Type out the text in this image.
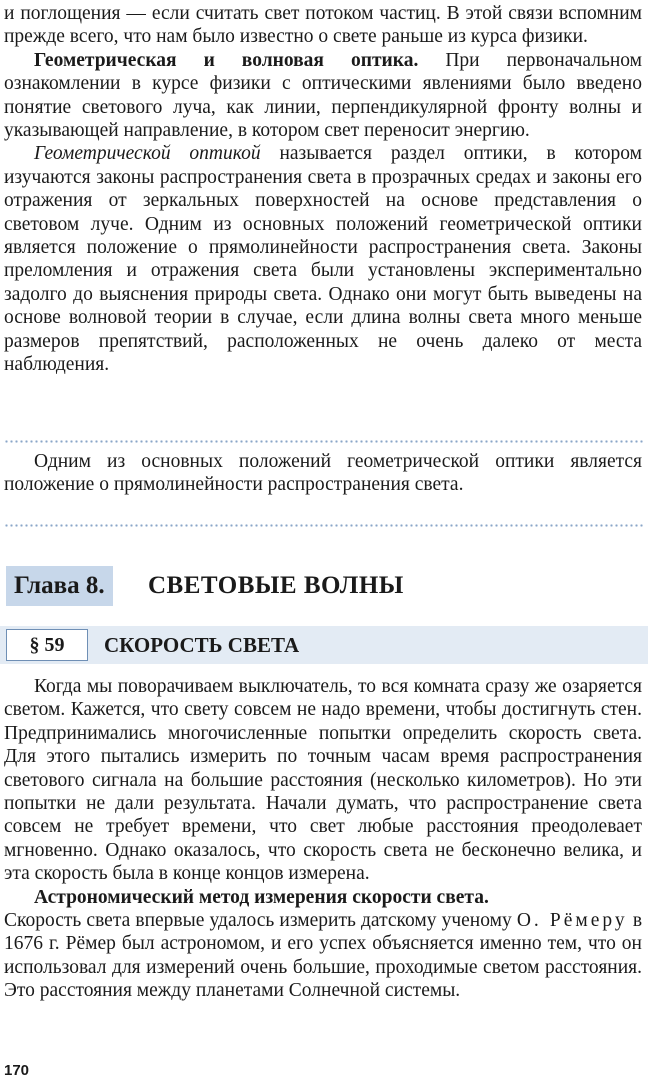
и поглощения — если считать свет потоком частиц. В этой связи вспомним прежде всего, что нам было известно о свете раньше из курса физики.

Геометрическая и волновая оптика. При первоначальном ознакомлении в курсе физики с оптическими явлениями было введено понятие светового луча, как линии, перпендикулярной фронту волны и указывающей направление, в котором свет переносит энергию.

Геометрической оптикой называется раздел оптики, в котором изучаются законы распространения света в прозрачных средах и законы его отражения от зеркальных поверхностей на основе представления о световом луче. Одним из основных положений геометрической оптики является положение о прямолинейности распространения света. Законы преломления и отражения света были установлены экспериментально задолго до выяснения природы света. Однако они могут быть выведены на основе волновой теории в случае, если длина волны света много меньше размеров препятствий, расположенных не очень далеко от места наблюдения.

Одним из основных положений геометрической оптики является положение о прямолинейности распространения света.

Глава 8.	СВЕТОВЫЕ ВОЛНЫ
§ 59	СКОРОСТЬ СВЕТА

Когда мы поворачиваем выключатель, то вся комната сразу же озаряется светом. Кажется, что свету совсем не надо времени, чтобы достигнуть стен. Предпринимались многочисленные попытки определить скорость света. Для этого пытались измерить по точным часам время распространения светового сигнала на большие расстояния (несколько километров). Но эти попытки не дали результата. Начали думать, что распространение света совсем не требует времени, что свет любые расстояния преодолевает мгновенно. Однако оказалось, что скорость света не бесконечно велика, и эта скорость была в конце концов измерена.

Астрономический метод измерения скорости света.

Скорость света впервые удалось измерить датскому ученому О. Рёмеру в 1676 г. Рёмер был астрономом, и его успех объясняется именно тем, что он использовал для измерений очень большие, проходимые светом расстояния. Это расстояния между планетами Солнечной системы.

170
